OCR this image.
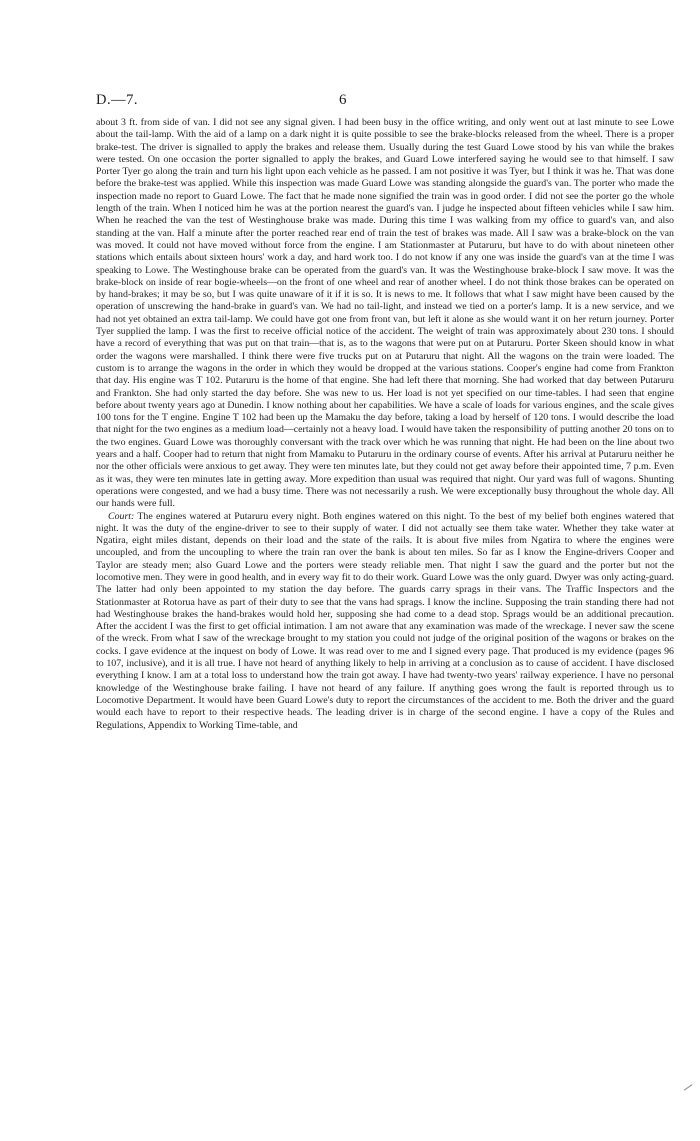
D.—7.	6

about 3 ft. from side of van. I did not see any signal given. I had been busy in the office writing, and only went out at last minute to see Lowe about the tail-lamp. With the aid of a lamp on a dark night it is quite possible to see the brake-blocks released from the wheel. There is a proper brake-test. The driver is signalled to apply the brakes and release them. Usually during the test Guard Lowe stood by his van while the brakes were tested. On one occasion the porter signalled to apply the brakes, and Guard Lowe interfered saying he would see to that himself. I saw Porter Tyer go along the train and turn his light upon each vehicle as he passed. I am not positive it was Tyer, but I think it was he. That was done before the brake-test was applied. While this inspection was made Guard Lowe was standing alongside the guard's van. The porter who made the inspection made no report to Guard Lowe. The fact that he made none signified the train was in good order. I did not see the porter go the whole length of the train. When I noticed him he was at the portion nearest the guard's van. I judge he inspected about fifteen vehicles while I saw him. When he reached the van the test of Westinghouse brake was made. During this time I was walking from my office to guard's van, and also standing at the van. Half a minute after the porter reached rear end of train the test of brakes was made. All I saw was a brake-block on the van was moved. It could not have moved without force from the engine. I am Stationmaster at Putaruru, but have to do with about nineteen other stations which entails about sixteen hours' work a day, and hard work too. I do not know if any one was inside the guard's van at the time I was speaking to Lowe. The Westinghouse brake can be operated from the guard's van. It was the Westinghouse brake-block I saw move. It was the brake-block on inside of rear bogie-wheels—on the front of one wheel and rear of another wheel. I do not think those brakes can be operated on by hand-brakes; it may be so, but I was quite unaware of it if it is so. It is news to me. It follows that what I saw might have been caused by the operation of unscrewing the hand-brake in guard's van. We had no tail-light, and instead we tied on a porter's lamp. It is a new service, and we had not yet obtained an extra tail-lamp. We could have got one from front van, but left it alone as she would want it on her return journey. Porter Tyer supplied the lamp. I was the first to receive official notice of the accident. The weight of train was approximately about 230 tons. I should have a record of everything that was put on that train—that is, as to the wagons that were put on at Putaruru. Porter Skeen should know in what order the wagons were marshalled. I think there were five trucks put on at Putaruru that night. All the wagons on the train were loaded. The custom is to arrange the wagons in the order in which they would be dropped at the various stations. Cooper's engine had come from Frankton that day. His engine was T 102. Putaruru is the home of that engine. She had left there that morning. She had worked that day between Putaruru and Frankton. She had only started the day before. She was new to us. Her load is not yet specified on our time-tables. I had seen that engine before about twenty years ago at Dunedin. I know nothing about her capabilities. We have a scale of loads for various engines, and the scale gives 100 tons for the T engine. Engine T 102 had been up the Mamaku the day before, taking a load by herself of 120 tons. I would describe the load that night for the two engines as a medium load—certainly not a heavy load. I would have taken the responsibility of putting another 20 tons on to the two engines. Guard Lowe was thoroughly conversant with the track over which he was running that night. He had been on the line about two years and a half. Cooper had to return that night from Mamaku to Putaruru in the ordinary course of events. After his arrival at Putaruru neither he nor the other officials were anxious to get away. They were ten minutes late, but they could not get away before their appointed time, 7 p.m. Even as it was, they were ten minutes late in getting away. More expedition than usual was required that night. Our yard was full of wagons. Shunting operations were congested, and we had a busy time. There was not necessarily a rush. We were exceptionally busy throughout the whole day. All our hands were full.

Court: The engines watered at Putaruru every night. Both engines watered on this night. To the best of my belief both engines watered that night. It was the duty of the engine-driver to see to their supply of water. I did not actually see them take water. Whether they take water at Ngatira, eight miles distant, depends on their load and the state of the rails. It is about five miles from Ngatira to where the engines were uncoupled, and from the uncoupling to where the train ran over the bank is about ten miles. So far as I know the Engine-drivers Cooper and Taylor are steady men; also Guard Lowe and the porters were steady reliable men. That night I saw the guard and the porter but not the locomotive men. They were in good health, and in every way fit to do their work. Guard Lowe was the only guard. Dwyer was only acting-guard. The latter had only been appointed to my station the day before. The guards carry sprags in their vans. The Traffic Inspectors and the Stationmaster at Rotorua have as part of their duty to see that the vans had sprags. I know the incline. Supposing the train standing there had not had Westinghouse brakes the hand-brakes would hold her, supposing she had come to a dead stop. Sprags would be an additional precaution. After the accident I was the first to get official intimation. I am not aware that any examination was made of the wreckage. I never saw the scene of the wreck. From what I saw of the wreckage brought to my station you could not judge of the original position of the wagons or brakes on the cocks. I gave evidence at the inquest on body of Lowe. It was read over to me and I signed every page. That produced is my evidence (pages 96 to 107, inclusive), and it is all true. I have not heard of anything likely to help in arriving at a conclusion as to cause of accident. I have disclosed everything I know. I am at a total loss to understand how the train got away. I have had twenty-two years' railway experience. I have no personal knowledge of the Westinghouse brake failing. I have not heard of any failure. If anything goes wrong the fault is reported through us to Locomotive Department. It would have been Guard Lowe's duty to report the circumstances of the accident to me. Both the driver and the guard would each have to report to their respective heads. The leading driver is in charge of the second engine. I have a copy of the Rules and Regulations, Appendix to Working Time-table, and
